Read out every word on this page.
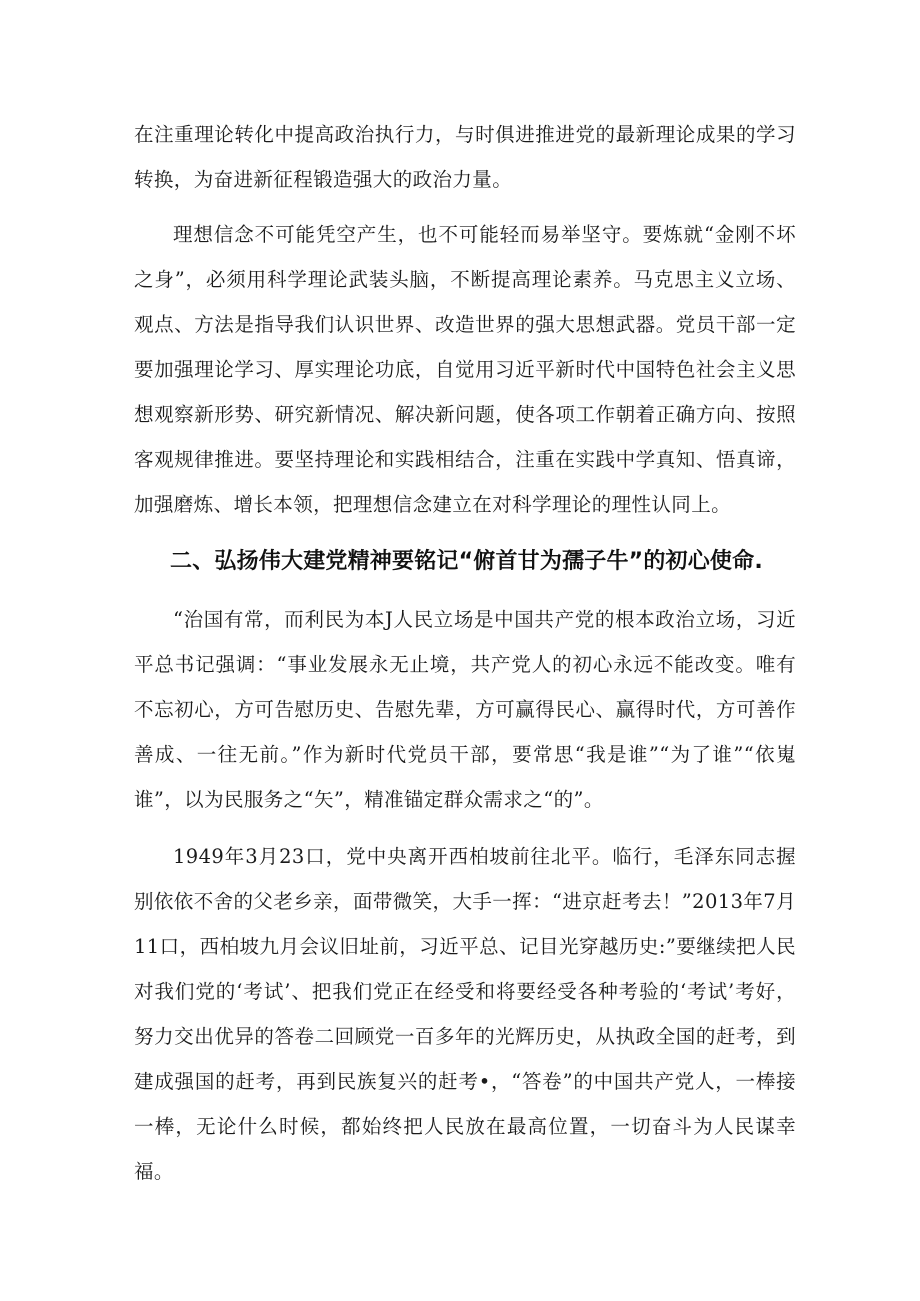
在注重理论转化中提高政治执行力，与时俱进推进党的最新理论成果的学习转换，为奋进新征程锻造强大的政治力量。

理想信念不可能凭空产生，也不可能轻而易举坚守。要炼就“金刚不坏之身”，必须用科学理论武装头脑，不断提高理论素养。马克思主义立场、观点、方法是指导我们认识世界、改造世界的强大思想武器。党员干部一定要加强理论学习、厚实理论功底，自觉用习近平新时代中国特色社会主义思想观察新形势、研究新情况、解决新问题，使各项工作朝着正确方向、按照客观规律推进。要坚持理论和实践相结合，注重在实践中学真知、悟真谛，加强磨炼、增长本领，把理想信念建立在对科学理论的理性认同上。

二、弘扬伟大建党精神要铭记“俯首甘为孺子牛”的初心使命.

“治国有常，而利民为本J人民立场是中国共产党的根本政治立场，习近平总书记强调：“事业发展永无止境，共产党人的初心永远不能改变。唯有不忘初心，方可告慰历史、告慰先辈，方可赢得民心、赢得时代，方可善作善成、一往无前。”作为新时代党员干部，要常思“我是谁”“为了谁”“依嵬谁”，以为民服务之“矢”，精准锚定群众需求之“的”。

1949年3月23口，党中央离开西柏坡前往北平。临行，毛泽东同志握别依依不舍的父老乡亲，面带微笑，大手一挥：“进京赶考去！”2013年7月11口，西柏坡九月会议旧址前，习近平总、记目光穿越历史:”要继续把人民对我们党的‘考试’、把我们党正在经受和将要经受各种考验的‘考试’考好，努力交出优异的答卷二回顾党一百多年的光辉历史，从执政全国的赶考，到建成强国的赶考，再到民族复兴的赶考•，“答卷”的中国共产党人，一棒接一棒，无论什么时候，都始终把人民放在最高位置，一切奋斗为人民谋幸福。
